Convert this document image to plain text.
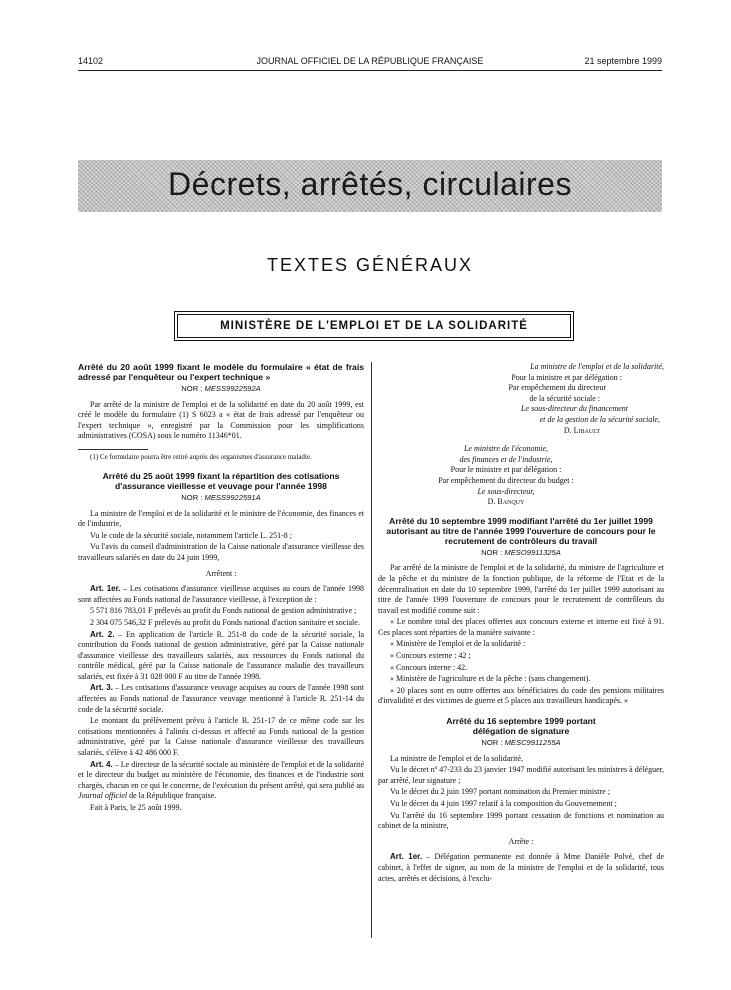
14102	JOURNAL OFFICIEL DE LA RÉPUBLIQUE FRANÇAISE	21 septembre 1999
Décrets, arrêtés, circulaires
TEXTES GÉNÉRAUX
MINISTÈRE DE L'EMPLOI ET DE LA SOLIDARITÉ

Arrêté du 20 août 1999 fixant le modèle du formulaire « état de frais adressé par l'enquêteur ou l'expert technique »

NOR : MESS9922592A

Par arrêté de la ministre de l'emploi et de la solidarité en date du 20 août 1999, est créé le modèle du formulaire (1) S 6023 a « état de frais adressé par l'enquêteur ou l'expert technique », enregistré par la Commission pour les simplifications administratives (COSA) sous le numéro 11346*01.

(1) Ce formulaire pourra être retiré auprès des organismes d'assurance maladie.

Arrêté du 25 août 1999 fixant la répartition des cotisations d'assurance vieillesse et veuvage pour l'année 1998

NOR : MESS9922591A

La ministre de l'emploi et de la solidarité et le ministre de l'économie, des finances et de l'industrie,

Vu le code de la sécurité sociale, notamment l'article L. 251-8 ;

Vu l'avis du conseil d'administration de la Caisse nationale d'assurance vieillesse des travailleurs salariés en date du 24 juin 1999,

Arrêtent :

Art. 1er. – Les cotisations d'assurance vieillesse acquises au cours de l'année 1998 sont affectées au Fonds national de l'assurance vieillesse, à l'exception de :

5 571 816 783,01 F prélevés au profit du Fonds national de gestion administrative ;

2 304 075 546,32 F prélevés au profit du Fonds national d'action sanitaire et sociale.

Art. 2. – En application de l'article R. 251-8 du code de la sécurité sociale, la contribution du Fonds national de gestion administrative, géré par la Caisse nationale d'assurance vieillesse des travailleurs salariés, aux ressources du Fonds national du contrôle médical, géré par la Caisse nationale de l'assurance maladie des travailleurs salariés, est fixée à 31 028 000 F au titre de l'année 1998.

Art. 3. – Les cotisations d'assurance veuvage acquises au cours de l'année 1998 sont affectées au Fonds national de l'assurance veuvage mentionné à l'article R. 251-14 du code de la sécurité sociale.

Le montant du prélèvement prévu à l'article R. 251-17 de ce même code sur les cotisations mentionnées à l'alinéa ci-dessus et affecté au Fonds national de la gestion administrative, géré par la Caisse nationale d'assurance vieillesse des travailleurs salariés, s'élève à 42 486 000 F.

Art. 4. – Le directeur de la sécurité sociale au ministère de l'emploi et de la solidarité et le directeur du budget au ministère de l'économie, des finances et de l'industrie sont chargés, chacun en ce qui le concerne, de l'exécution du présent arrêté, qui sera publié au Journal officiel de la République française.

Fait à Paris, le 25 août 1999.

La ministre de l'emploi et de la solidarité,
Pour la ministre et par délégation :
Par empêchement du directeur
de la sécurité sociale :
Le sous-directeur du financement
et de la gestion de la sécurité sociale,
D. Libault
Le ministre de l'économie,
des finances et de l'industrie,
Pour le ministre et par délégation :
Par empêchement du directeur du budget :
Le sous-directeur,
D. Banquy

Arrêté du 10 septembre 1999 modifiant l'arrêté du 1er juillet 1999 autorisant au titre de l'année 1999 l'ouverture de concours pour le recrutement de contrôleurs du travail

NOR : MESO9911325A

Par arrêté de la ministre de l'emploi et de la solidarité, du ministre de l'agriculture et de la pêche et du ministre de la fonction publique, de la réforme de l'Etat et de la décentralisation en date du 10 septembre 1999, l'arrêté du 1er juillet 1999 autorisant au titre de l'année 1999 l'ouverture de concours pour le recrutement de contrôleurs du travail est modifié comme suit :

« Le nombre total des places offertes aux concours externe et interne est fixé à 91. Ces places sont réparties de la manière suivante :

« Ministère de l'emploi et de la solidarité :

« Concours externe : 42 ;

« Concours interne : 42.

« Ministère de l'agriculture et de la pêche : (sans changement).

« 20 places sont en outre offertes aux bénéficiaires du code des pensions militaires d'invalidité et des victimes de guerre et 5 places aux travailleurs handicapés. »

Arrêté du 16 septembre 1999 portant délégation de signature

NOR : MESC9911255A

La ministre de l'emploi et de la solidarité,

Vu le décret nº 47-233 du 23 janvier 1947 modifié autorisant les ministres à déléguer, par arrêté, leur signature ;

Vu le décret du 2 juin 1997 portant nomination du Premier ministre ;

Vu le décret du 4 juin 1997 relatif à la composition du Gouvernement ;

Vu l'arrêté du 16 septembre 1999 portant cessation de fonctions et nomination au cabinet de la ministre,

Arrête :

Art. 1er. – Délégation permanente est donnée à Mme Danièle Polvé, chef de cabinet, à l'effet de signer, au nom de la ministre de l'emploi et de la solidarité, tous actes, arrêtés et décisions, à l'exclu-
